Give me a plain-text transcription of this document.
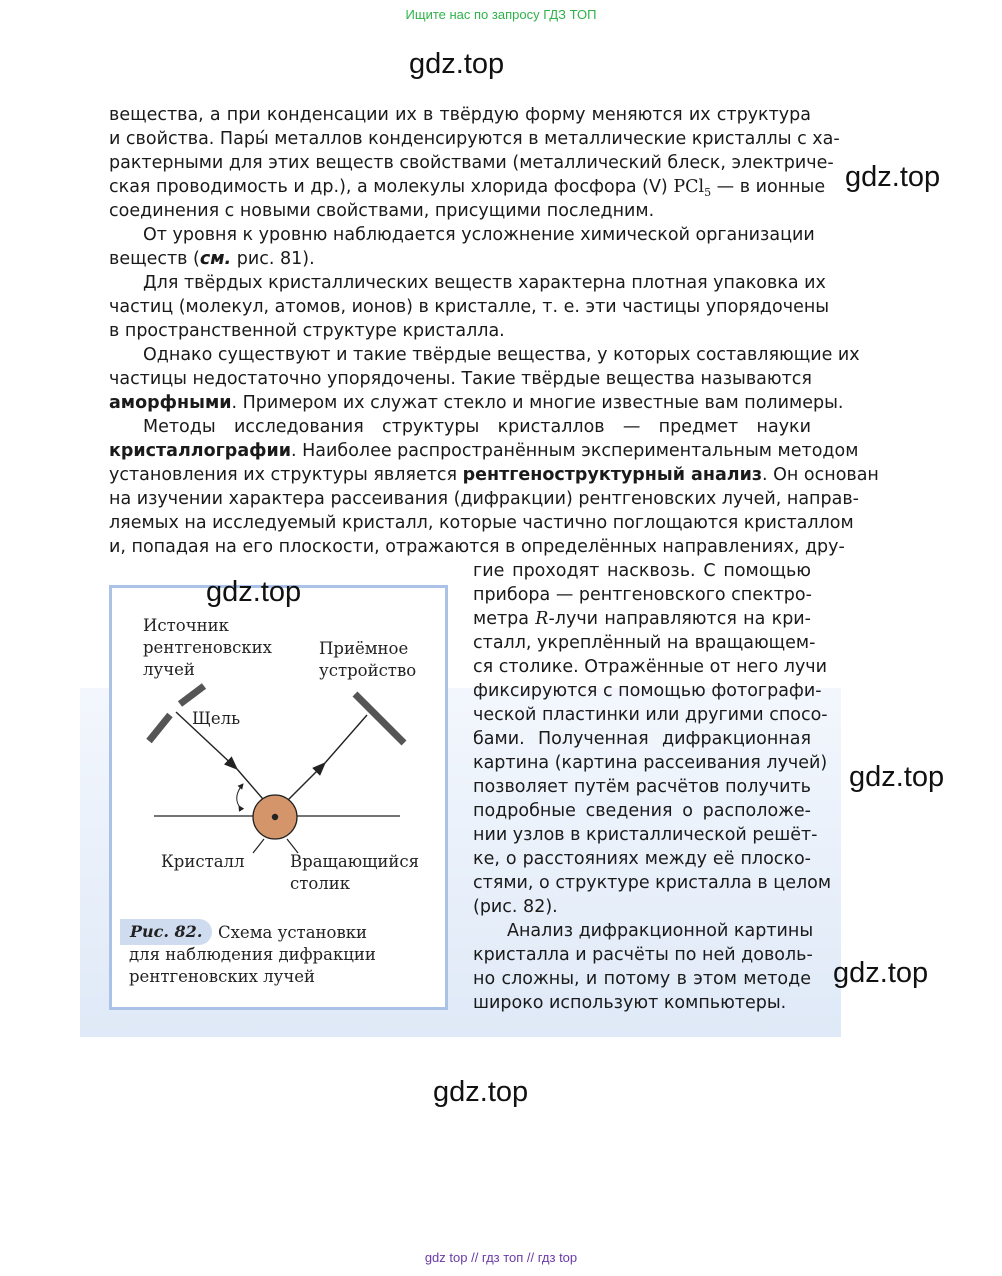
Ищите нас по запросу ГДЗ ТОП
gdz.top
gdz.top
gdz.top
gdz.top
gdz.top
вещества, а при конденсации их в твёрдую форму меняются их структура
и свойства. Пары́ металлов конденсируются в металлические кристаллы с ха-
рактерными для этих веществ свойствами (металлический блеск, электриче-
ская проводимость и др.), а молекулы хлорида фосфора (V) PCl$_5$ — в ионные
соединения с новыми свойствами, присущими последним.
От уровня к уровню наблюдается усложнение химической организации
веществ (см. рис. 81).
Для твёрдых кристаллических веществ характерна плотная упаковка их
частиц (молекул, атомов, ионов) в кристалле, т. е. эти частицы упорядочены
в пространственной структуре кристалла.
Однако существуют и такие твёрдые вещества, у которых составляющие их
частицы недостаточно упорядочены. Такие твёрдые вещества называются
аморфными. Примером их служат стекло и многие известные вам полимеры.
Методы исследования структуры кристаллов — предмет науки
кристаллографии. Наиболее распространённым экспериментальным методом
установления их структуры является рентгеноструктурный анализ. Он основан
на изучении характера рассеивания (дифракции) рентгеновских лучей, направ-
ляемых на исследуемый кристалл, которые частично поглощаются кристаллом
и, попадая на его плоскости, отражаются в определённых направлениях, дру-
гие проходят насквозь. С помощью
прибора — рентгеновского спектро-
метра R-лучи направляются на кри-
сталл, укреплённый на вращающем-
ся столике. Отражённые от него лучи
фиксируются с помощью фотографи-
ческой пластинки или другими спосо-
бами. Полученная дифракционная
картина (картина рассеивания лучей)
позволяет путём расчётов получить
подробные сведения о расположе-
нии узлов в кристаллической решёт-
ке, о расстояниях между её плоско-
стями, о структуре кристалла в целом
(рис. 82).
Анализ дифракционной картины
кристалла и расчёты по ней доволь-
но сложны, и потому в этом методе
широко используют компьютеры.
Источник
рентгеновских
лучей
Щель
Приёмное
устройство
Кристалл	Вращающийся
столик
Рис. 82. Схема установки
для наблюдения дифракции
рентгеновских лучей
gdz.top
gdz top // гдз топ // гдз top
